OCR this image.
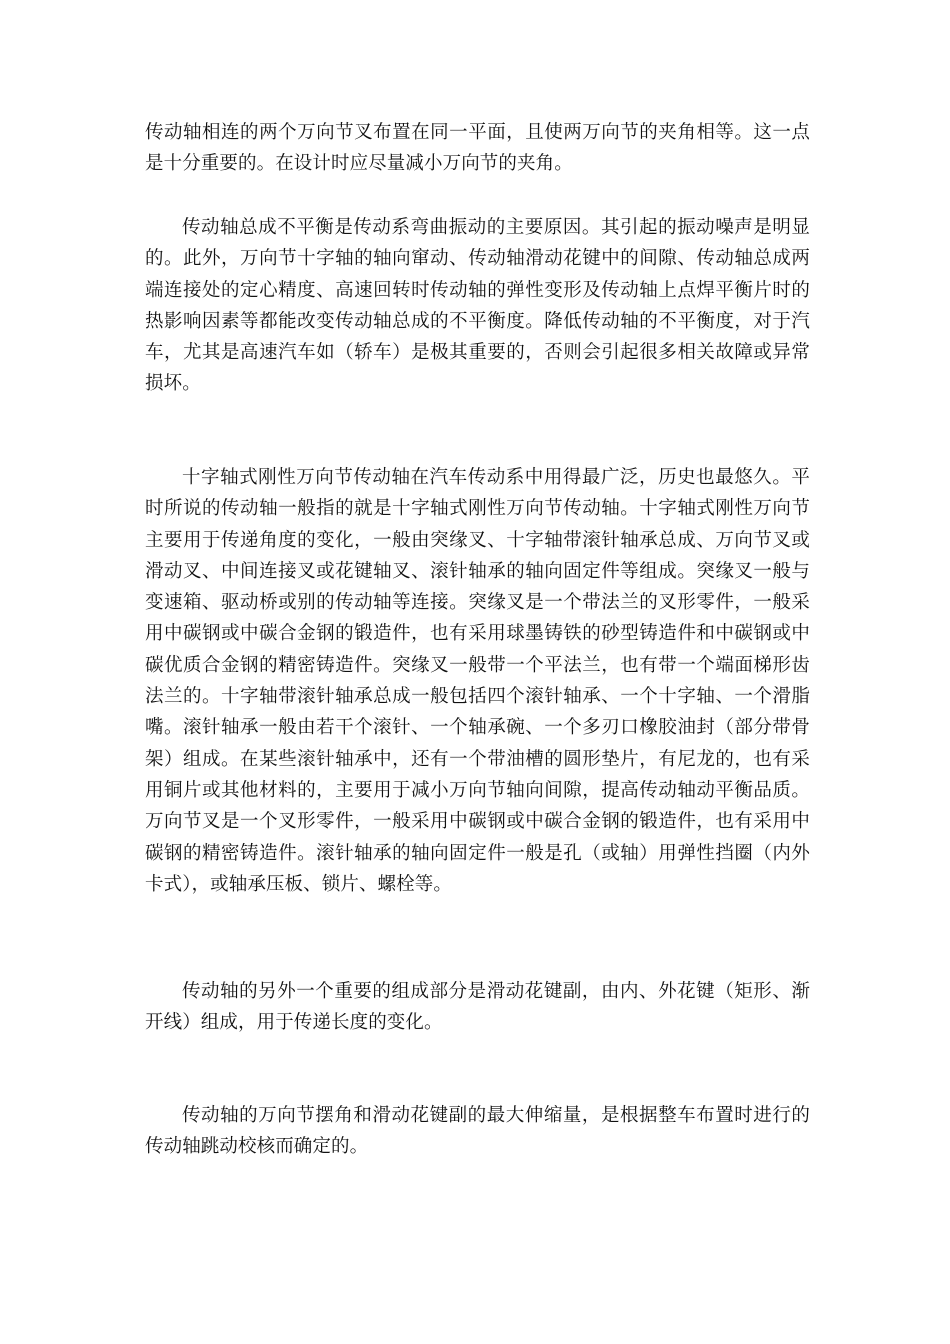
传动轴相连的两个万向节叉布置在同一平面，且使两万向节的夹角相等。这一点是十分重要的。在设计时应尽量减小万向节的夹角。

传动轴总成不平衡是传动系弯曲振动的主要原因。其引起的振动噪声是明显的。此外，万向节十字轴的轴向窜动、传动轴滑动花键中的间隙、传动轴总成两端连接处的定心精度、高速回转时传动轴的弹性变形及传动轴上点焊平衡片时的热影响因素等都能改变传动轴总成的不平衡度。降低传动轴的不平衡度，对于汽车，尤其是高速汽车如（轿车）是极其重要的，否则会引起很多相关故障或异常损坏。

十字轴式刚性万向节传动轴在汽车传动系中用得最广泛，历史也最悠久。平时所说的传动轴一般指的就是十字轴式刚性万向节传动轴。十字轴式刚性万向节主要用于传递角度的变化，一般由突缘叉、十字轴带滚针轴承总成、万向节叉或滑动叉、中间连接叉或花键轴叉、滚针轴承的轴向固定件等组成。突缘叉一般与变速箱、驱动桥或别的传动轴等连接。突缘叉是一个带法兰的叉形零件，一般采用中碳钢或中碳合金钢的锻造件，也有采用球墨铸铁的砂型铸造件和中碳钢或中碳优质合金钢的精密铸造件。突缘叉一般带一个平法兰，也有带一个端面梯形齿法兰的。十字轴带滚针轴承总成一般包括四个滚针轴承、一个十字轴、一个滑脂嘴。滚针轴承一般由若干个滚针、一个轴承碗、一个多刃口橡胶油封（部分带骨架）组成。在某些滚针轴承中，还有一个带油槽的圆形垫片，有尼龙的，也有采用铜片或其他材料的，主要用于减小万向节轴向间隙，提高传动轴动平衡品质。万向节叉是一个叉形零件，一般采用中碳钢或中碳合金钢的锻造件，也有采用中碳钢的精密铸造件。滚针轴承的轴向固定件一般是孔（或轴）用弹性挡圈（内外卡式），或轴承压板、锁片、螺栓等。

传动轴的另外一个重要的组成部分是滑动花键副，由内、外花键（矩形、渐开线）组成，用于传递长度的变化。

传动轴的万向节摆角和滑动花键副的最大伸缩量，是根据整车布置时进行的传动轴跳动校核而确定的。
